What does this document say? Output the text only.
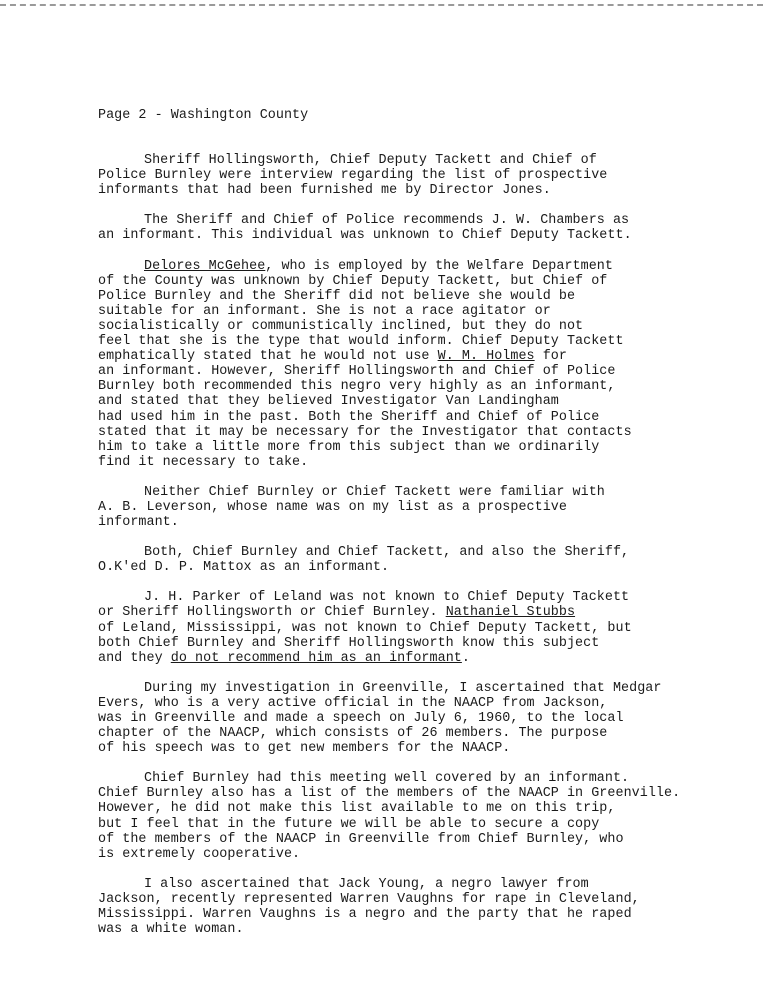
Page 2 - Washington County
Sheriff Hollingsworth, Chief Deputy Tackett and Chief of
Police Burnley were interview regarding the list of prospective
informants that had been furnished me by Director Jones.
The Sheriff and Chief of Police recommends J. W. Chambers as
an informant. This individual was unknown to Chief Deputy Tackett.
Delores McGehee, who is employed by the Welfare Department
of the County was unknown by Chief Deputy Tackett, but Chief of
Police Burnley and the Sheriff did not believe she would be
suitable for an informant. She is not a race agitator or
socialistically or communistically inclined, but they do not
feel that she is the type that would inform. Chief Deputy Tackett
emphatically stated that he would not use W. M. Holmes for
an informant. However, Sheriff Hollingsworth and Chief of Police
Burnley both recommended this negro very highly as an informant,
and stated that they believed Investigator Van Landingham
had used him in the past. Both the Sheriff and Chief of Police
stated that it may be necessary for the Investigator that contacts
him to take a little more from this subject than we ordinarily
find it necessary to take.
Neither Chief Burnley or Chief Tackett were familiar with
A. B. Leverson, whose name was on my list as a prospective
informant.
Both, Chief Burnley and Chief Tackett, and also the Sheriff,
O.K'ed D. P. Mattox as an informant.
J. H. Parker of Leland was not known to Chief Deputy Tackett
or Sheriff Hollingsworth or Chief Burnley. Nathaniel Stubbs
of Leland, Mississippi, was not known to Chief Deputy Tackett, but
both Chief Burnley and Sheriff Hollingsworth know this subject
and they do not recommend him as an informant.
During my investigation in Greenville, I ascertained that Medgar
Evers, who is a very active official in the NAACP from Jackson,
was in Greenville and made a speech on July 6, 1960, to the local
chapter of the NAACP, which consists of 26 members. The purpose
of his speech was to get new members for the NAACP.
Chief Burnley had this meeting well covered by an informant.
Chief Burnley also has a list of the members of the NAACP in Greenville.
However, he did not make this list available to me on this trip,
but I feel that in the future we will be able to secure a copy
of the members of the NAACP in Greenville from Chief Burnley, who
is extremely cooperative.
I also ascertained that Jack Young, a negro lawyer from
Jackson, recently represented Warren Vaughns for rape in Cleveland,
Mississippi. Warren Vaughns is a negro and the party that he raped
was a white woman.
